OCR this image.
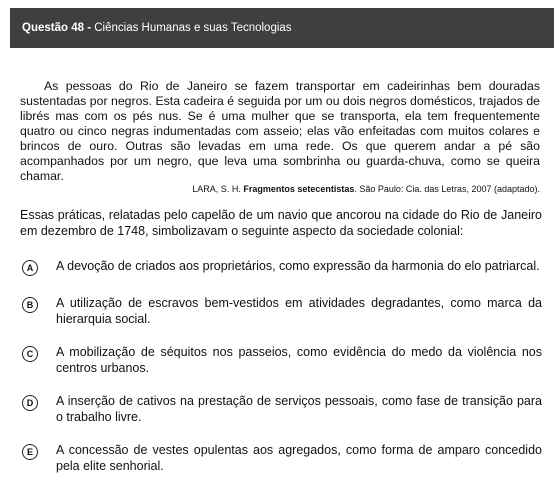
Questão 48 - Ciências Humanas e suas Tecnologias

As pessoas do Rio de Janeiro se fazem transportar em cadeirinhas bem douradas sustentadas por negros. Esta cadeira é seguida por um ou dois negros domésticos, trajados de librés mas com os pés nus. Se é uma mulher que se transporta, ela tem frequentemente quatro ou cinco negras indumentadas com asseio; elas vão enfeitadas com muitos colares e brincos de ouro. Outras são levadas em uma rede. Os que querem andar a pé são acompanhados por um negro, que leva uma sombrinha ou guarda-chuva, como se queira chamar.

LARA, S. H. Fragmentos setecentistas. São Paulo: Cia. das Letras, 2007 (adaptado).

Essas práticas, relatadas pelo capelão de um navio que ancorou na cidade do Rio de Janeiro em dezembro de 1748, simbolizavam o seguinte aspecto da sociedade colonial:

A	A devoção de criados aos proprietários, como expressão da harmonia do elo patriarcal.

B	A utilização de escravos bem-vestidos em atividades degradantes, como marca da hierarquia social.

C	A mobilização de séquitos nos passeios, como evidência do medo da violência nos centros urbanos.

D	A inserção de cativos na prestação de serviços pessoais, como fase de transição para o trabalho livre.

E	A concessão de vestes opulentas aos agregados, como forma de amparo concedido pela elite senhorial.
